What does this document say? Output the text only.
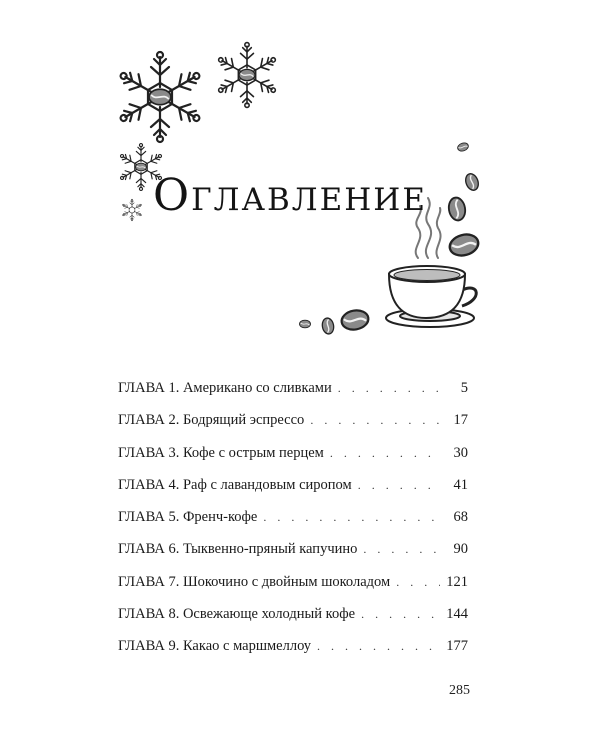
Оглавление
ГЛАВА 1. Американо со сливками . . .	5
ГЛАВА 2. Бодрящий эспрессо . . .	17
ГЛАВА 3. Кофе с острым перцем . . .	30
ГЛАВА 4. Раф с лавандовым сиропом . . .	41
ГЛАВА 5. Френч-кофе . . .	68
ГЛАВА 6. Тыквенно-пряный капучино . . .	90
ГЛАВА 7. Шокочино с двойным шоколадом . . .	121
ГЛАВА 8. Освежающе холодный кофе . . .	144
ГЛАВА 9. Какао с маршмеллоу . . .	177
285
